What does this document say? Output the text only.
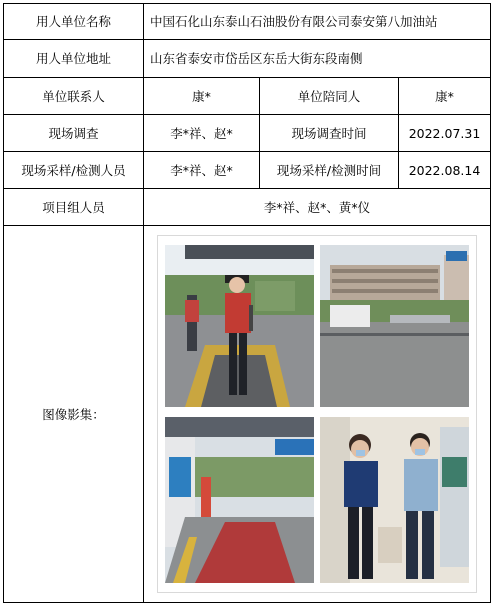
用人单位名称	中国石化山东泰山石油股份有限公司泰安第八加油站		
用人单位地址	山东省泰安市岱岳区东岳大街东段南侧		
单位联系人	康*	单位陪同人	康*
现场调查	李*祥、赵*	现场调查时间	2022.07.31
现场采样/检测人员	李*祥、赵*	现场采样/检测时间	2022.08.14
项目组人员	李*祥、赵*、黄*仪		
图像影集：	
